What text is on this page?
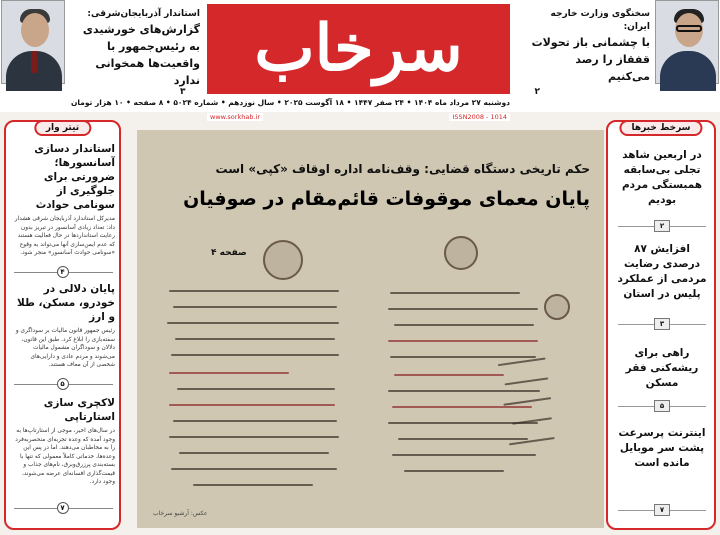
استاندار آذربایجان‌شرقی:
گزارش‌های خورشیدی به رئیس‌جمهور با واقعیت‌ها همخوانی ندارد
۳
سرخاب
دوشنبه ۲۷ مرداد ماه ۱۴۰۴ • ۲۴ صفر ۱۴۴۷ • ۱۸ آگوست ۲۰۲۵ • سال نوزدهم • شماره ۵۰۲۴ • ۸ صفحه • ۱۰ هزار تومان
www.sorkhab.ir	ISSN2008 - 1014
سخنگوی وزارت خارجه ایران:
با چشمانی باز تحولات قفقاز را رصد می‌کنیم
۲
تیتر وار
استاندار دسازی آسانسورها؛ ضرورتی برای جلوگیری از سونامی حوادث

مدیرکل استاندارد آذربایجان شرقی هشدار داد: تعداد زیادی آسانسور در تبریز بدون رعایت استانداردها در حال فعالیت هستند که عدم ایمن‌سازی آنها می‌تواند به وقوع «سونامی حوادث آسانسور» منجر شود.

۴
پایان دلالی در خودرو، مسکن، طلا و ارز

رئیس جمهور قانون مالیات بر سوداگری و سفته‌بازی را ابلاغ کرد. طبق این قانون، دلالان و سوداگران مشمول مالیات می‌شوند و مردم عادی و دارایی‌های شخصی از آن معاف هستند.

۵
لاکچری سازی استارتاپی

در سال‌های اخیر، موجی از استارتاپ‌ها به وجود آمده که وعده تجربه‌ای منحصربه‌فرد را به مخاطبان می‌دهند. اما در پس این وعده‌ها، خدماتی کاملاً معمولی که تنها با بسته‌بندی پرزرق‌وبرق، نام‌های جذاب و قیمت‌گذاری افسانه‌ای عرضه می‌شوند، وجود دارد.

۷
حکم تاریخی دستگاه قضایی: وقف‌نامه اداره اوقاف «کپی» است
پایان معمای موقوفات قائم‌مقام در صوفیان
صفحه ۴
عکس: آرشیو سرخاب
سرخط خبرها
در اربعین شاهد تجلی بی‌سابقه همبستگی مردم بودیم
۲
افزایش ۸۷ درصدی رضایت مردمی از عملکرد پلیس در استان
۳
راهی برای ریشه‌کنی فقر مسکن
۵
اینترنت پرسرعت پشت سر موبایل مانده است
۷
